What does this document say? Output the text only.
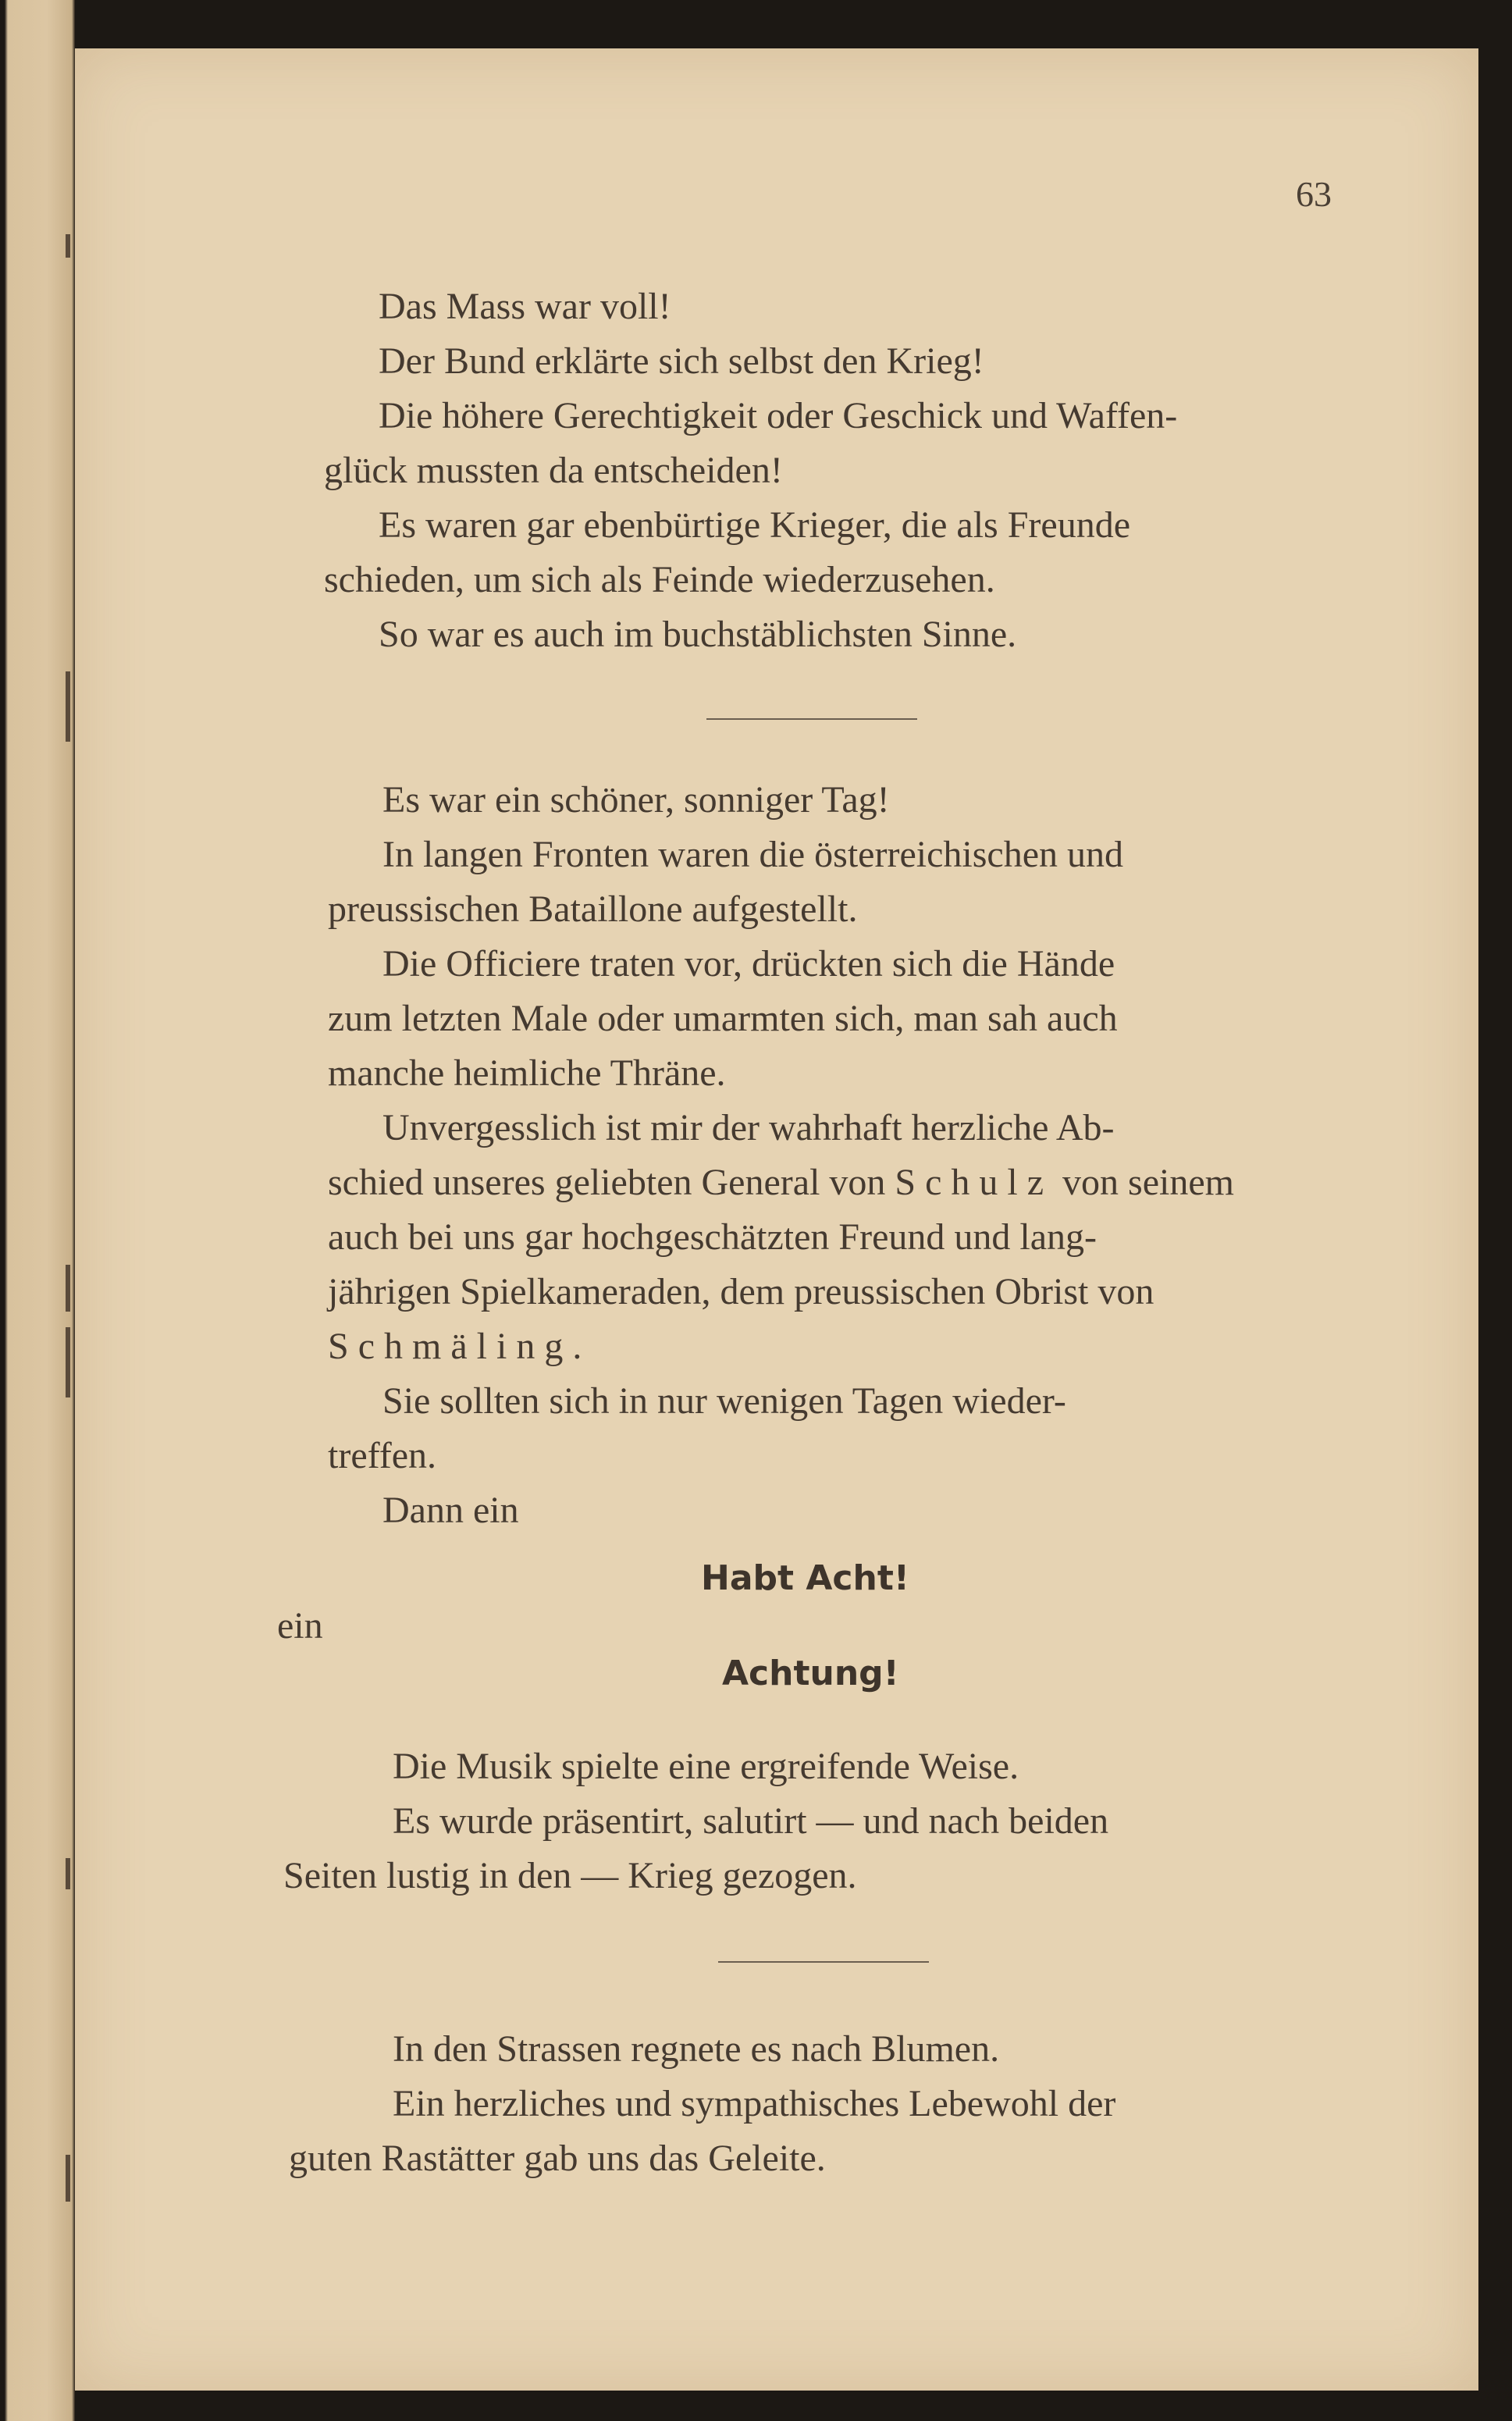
63
Das Mass war voll!
Der Bund erklärte sich selbst den Krieg!
Die höhere Gerechtigkeit oder Geschick und Waffen-
glück mussten da entscheiden!
Es waren gar ebenbürtige Krieger, die als Freunde
schieden, um sich als Feinde wiederzusehen.
So war es auch im buchstäblichsten Sinne.
Es war ein schöner, sonniger Tag!
In langen Fronten waren die österreichischen und
preussischen Bataillone aufgestellt.
Die Officiere traten vor, drückten sich die Hände
zum letzten Male oder umarmten sich, man sah auch
manche heimliche Thräne.
Unvergesslich ist mir der wahrhaft herzliche Ab-
schied unseres geliebten General von Schulz von seinem
auch bei uns gar hochgeschätzten Freund und lang-
jährigen Spielkameraden, dem preussischen Obrist von
Schmäling.
Sie sollten sich in nur wenigen Tagen wieder-
treffen.
Dann ein
Habt Acht!
ein
Achtung!
Die Musik spielte eine ergreifende Weise.
Es wurde präsentirt, salutirt — und nach beiden
Seiten lustig in den — Krieg gezogen.
In den Strassen regnete es nach Blumen.
Ein herzliches und sympathisches Lebewohl der
guten Rastätter gab uns das Geleite.
